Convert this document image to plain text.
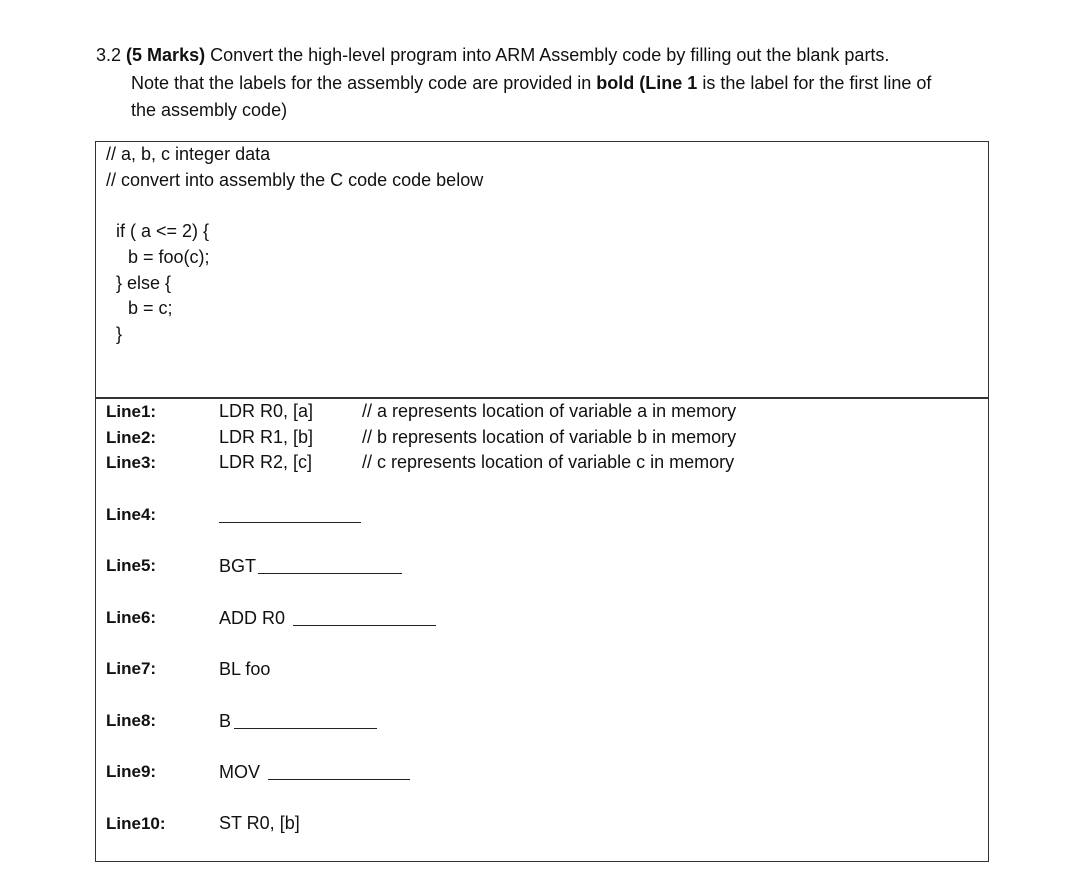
3.2 (5 Marks) Convert the high-level program into ARM Assembly code by filling out the blank parts.
Note that the labels for the assembly code are provided in bold (Line 1 is the label for the first line of
the assembly code)
// a, b, c integer data
// convert into assembly the C code code below
if ( a <= 2) {
b = foo(c);
} else {
b = c;
}
Line1:	LDR R0, [a]	// a represents location of variable a in memory
Line2:	LDR R1, [b]	// b represents location of variable b in memory
Line3:	LDR R2, [c]	// c represents location of variable c in memory
Line4:
Line5:	BGT
Line6:	ADD R0
Line7:	BL foo
Line8:	B
Line9:	MOV
Line10:	ST R0, [b]
